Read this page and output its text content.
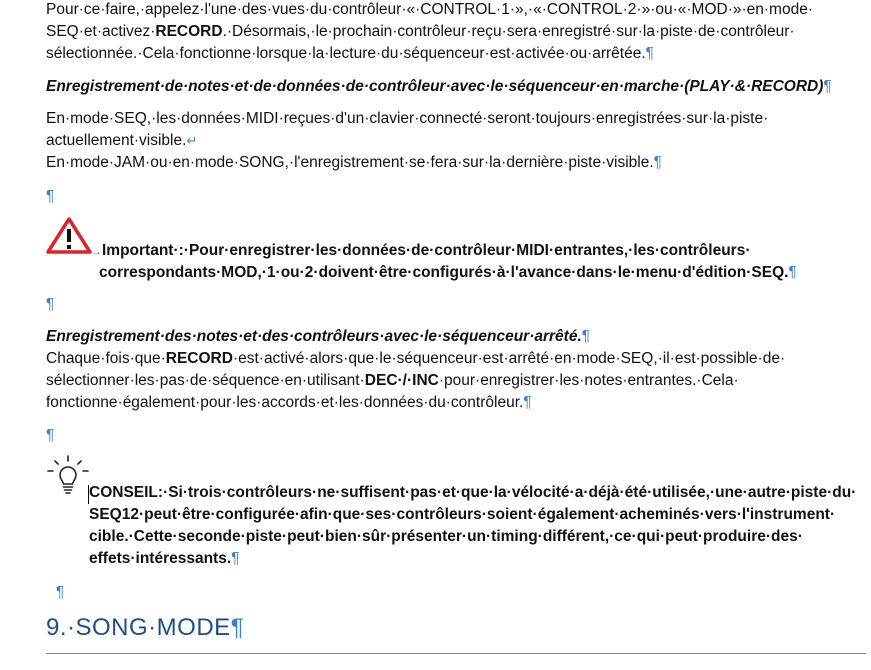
Pour·ce·faire,·appelez·l'une·des·vues·du·contrôleur·«·CONTROL·1·»,·«·CONTROL·2·»·ou·«·MOD·»·en·mode·
SEQ·et·activez·RECORD.·Désormais,·le·prochain·contrôleur·reçu·sera·enregistré·sur·la·piste·de·contrôleur·
sélectionnée.·Cela·fonctionne·lorsque·la·lecture·du·séquenceur·est·activée·ou·arrêtée.¶
Enregistrement·de·notes·et·de·données·de·contrôleur·avec·le·séquenceur·en·marche·(PLAY·&·RECORD)¶
En·mode·SEQ,·les·données·MIDI·reçues·d'un·clavier·connecté·seront·toujours·enregistrées·sur·la·piste·
actuellement·visible.↵
En·mode·JAM·ou·en·mode·SONG,·l'enregistrement·se·fera·sur·la·dernière·piste·visible.¶
¶
→Important·:·Pour·enregistrer·les·données·de·contrôleur·MIDI·entrantes,·les·contrôleurs·
correspondants·MOD,·1·ou·2·doivent·être·configurés·à·l'avance·dans·le·menu·d'édition·SEQ.¶
¶
Enregistrement·des·notes·et·des·contrôleurs·avec·le·séquenceur·arrêté.¶
Chaque·fois·que·RECORD·est·activé·alors·que·le·séquenceur·est·arrêté·en·mode·SEQ,·il·est·possible·de·
sélectionner·les·pas·de·séquence·en·utilisant·DEC·/·INC·pour·enregistrer·les·notes·entrantes.·Cela·
fonctionne·également·pour·les·accords·et·les·données·du·contrôleur.¶
¶
CONSEIL:·Si·trois·contrôleurs·ne·suffisent·pas·et·que·la·vélocité·a·déjà·été·utilisée,·une·autre·piste·du·
SEQ12·peut·être·configurée·afin·que·ses·contrôleurs·soient·également·acheminés·vers·l'instrument·
cible.·Cette·seconde·piste·peut·bien·sûr·présenter·un·timing·différent,·ce·qui·peut·produire·des·
effets·intéressants.¶
¶
9.·SONG·MODE¶
